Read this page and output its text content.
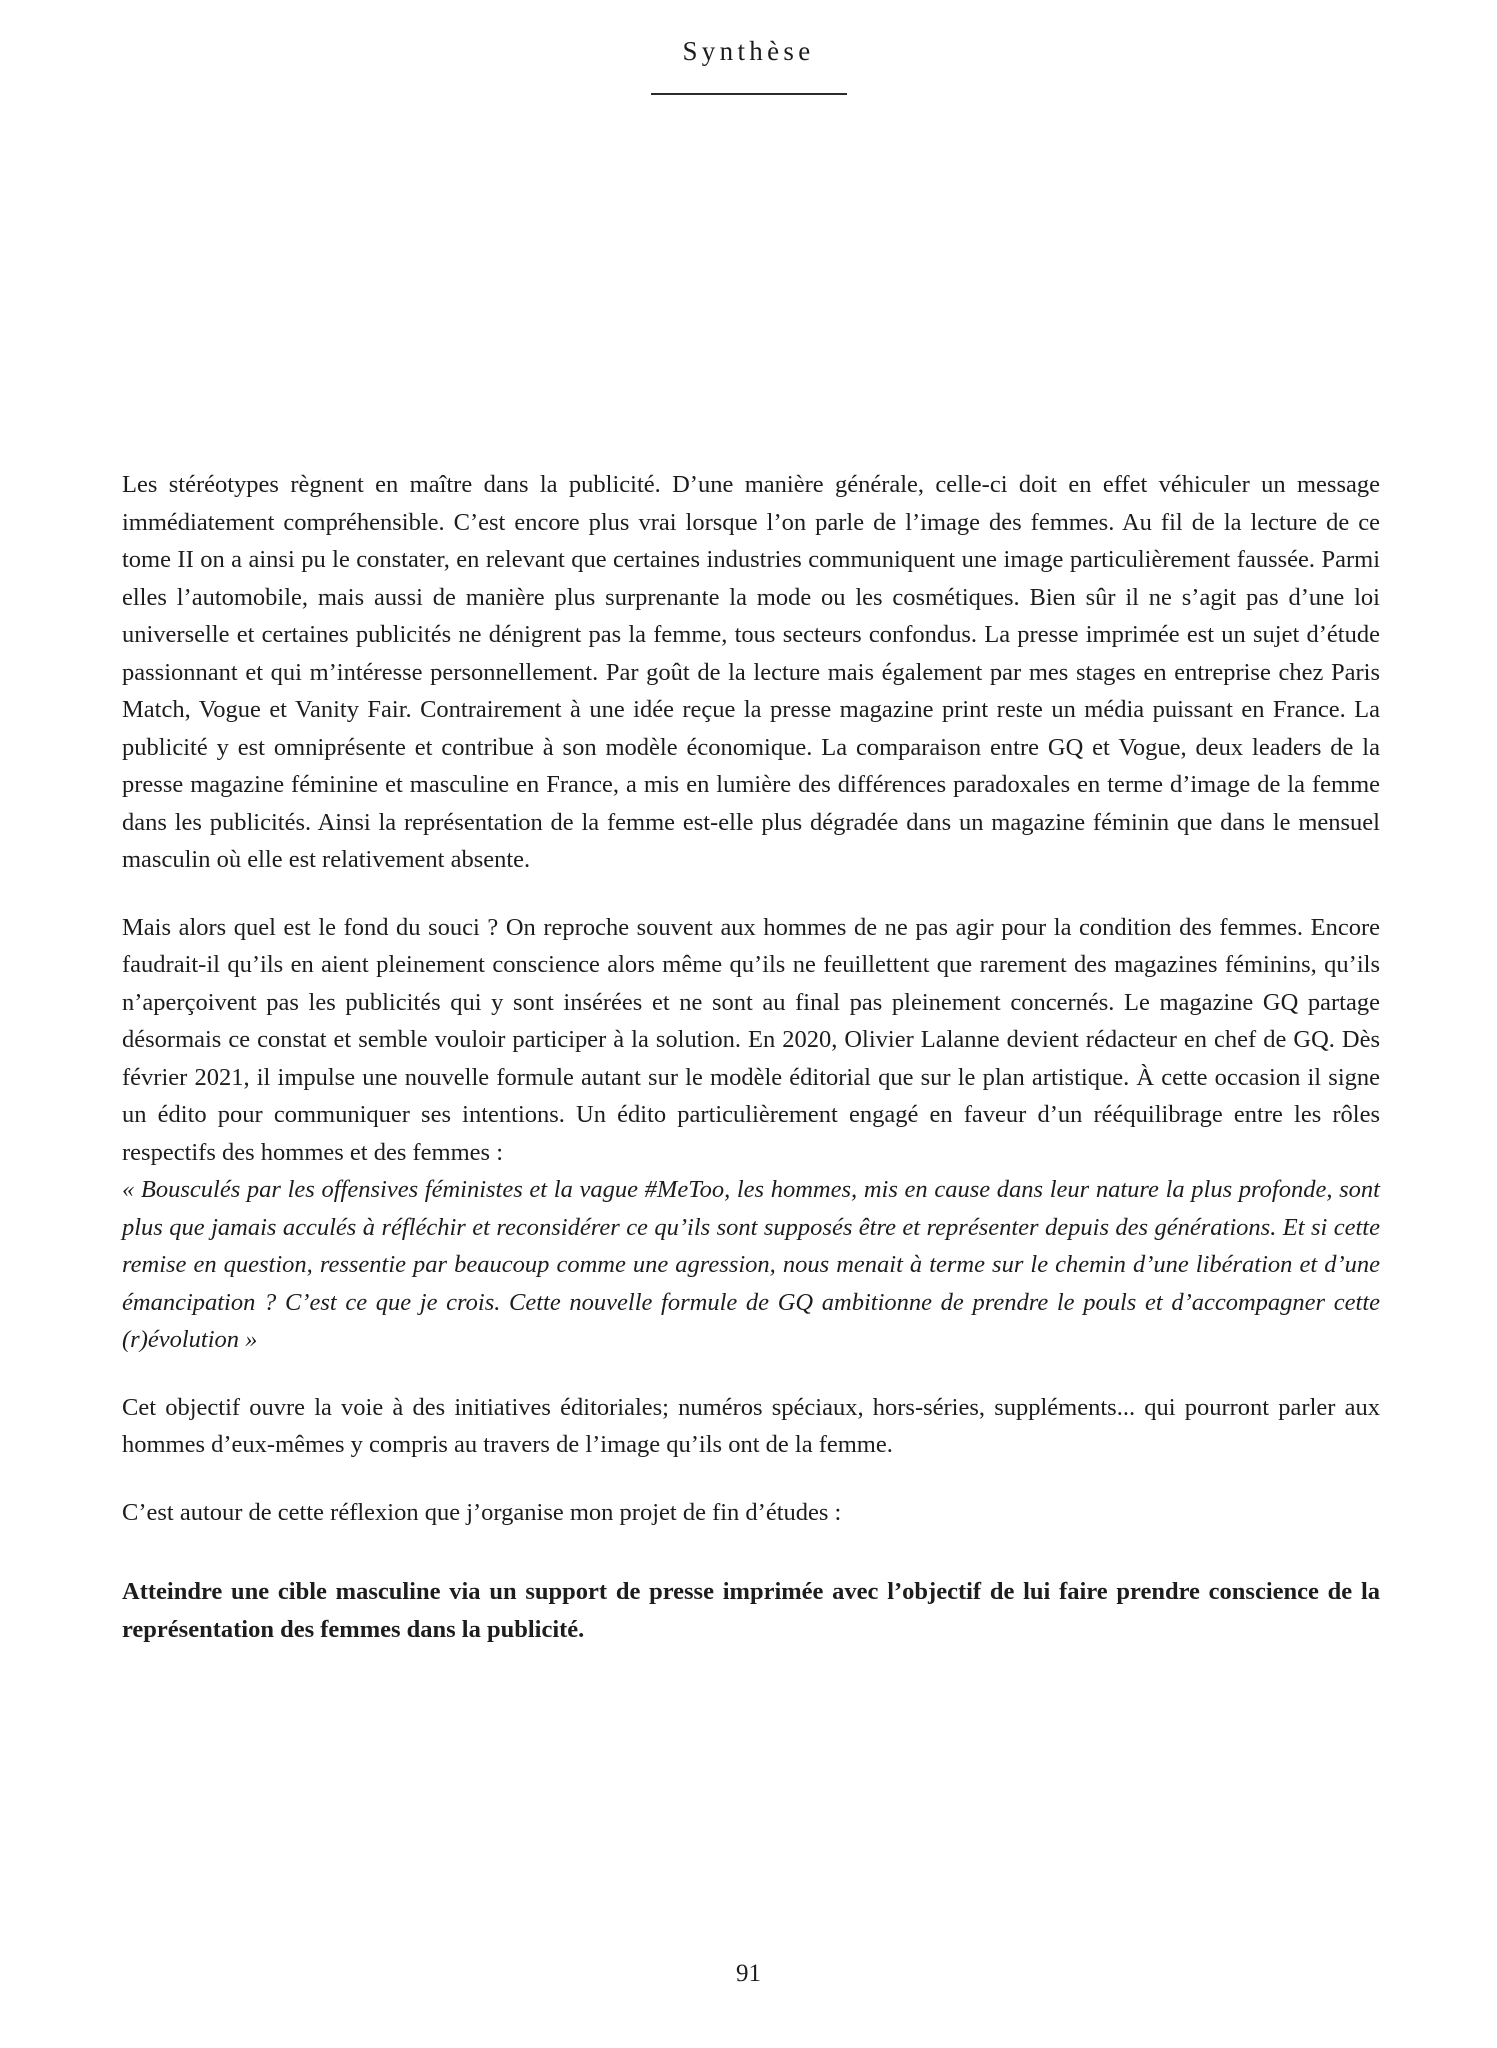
Synthèse

Les stéréotypes règnent en maître dans la publicité. D’une manière générale, celle-ci doit en effet véhiculer un message immédiatement compréhensible. C’est encore plus vrai lorsque l’on parle de l’image des femmes. Au fil de la lecture de ce tome II on a ainsi pu le constater, en relevant que certaines industries communiquent une image particulièrement faussée. Parmi elles l’automobile, mais aussi de manière plus surprenante la mode ou les cosmétiques. Bien sûr il ne s’agit pas d’une loi universelle et certaines publicités ne dénigrent pas la femme, tous secteurs confondus. La presse imprimée est un sujet d’étude passionnant et qui m’intéresse personnellement. Par goût de la lecture mais également par mes stages en entreprise chez Paris Match, Vogue et Vanity Fair. Contrairement à une idée reçue la presse magazine print reste un média puissant en France. La publicité y est omniprésente et contribue à son modèle économique. La comparaison entre GQ et Vogue, deux leaders de la presse magazine féminine et masculine en France, a mis en lumière des différences paradoxales en terme d’image de la femme dans les publicités. Ainsi la représentation de la femme est-elle plus dégradée dans un magazine féminin que dans le mensuel masculin où elle est relativement absente.

Mais alors quel est le fond du souci ? On reproche souvent aux hommes de ne pas agir pour la condition des femmes. Encore faudrait-il qu’ils en aient pleinement conscience alors même qu’ils ne feuillettent que rarement des magazines féminins, qu’ils n’aperçoivent pas les publicités qui y sont insérées et ne sont au final pas pleinement concernés. Le magazine GQ partage désormais ce constat et semble vouloir participer à la solution. En 2020, Olivier Lalanne devient rédacteur en chef de GQ. Dès février 2021, il impulse une nouvelle formule autant sur le modèle éditorial que sur le plan artistique. À cette occasion il signe un édito pour communiquer ses intentions. Un édito particulièrement engagé en faveur d’un rééquilibrage entre les rôles respectifs des hommes et des femmes :

« Bousculés par les offensives féministes et la vague #MeToo, les hommes, mis en cause dans leur nature la plus profonde, sont plus que jamais acculés à réfléchir et reconsidérer ce qu’ils sont supposés être et représenter depuis des générations. Et si cette remise en question, ressentie par beaucoup comme une agression, nous menait à terme sur le chemin d’une libération et d’une émancipation ? C’est ce que je crois. Cette nouvelle formule de GQ ambitionne de prendre le pouls et d’accompagner cette (r)évolution »

Cet objectif ouvre la voie à des initiatives éditoriales; numéros spéciaux, hors-séries, suppléments... qui pourront parler aux hommes d’eux-mêmes y compris au travers de l’image qu’ils ont de la femme.

C’est autour de cette réflexion que j’organise mon projet de fin d’études :

Atteindre une cible masculine via un support de presse imprimée avec l’objectif de lui faire prendre conscience de la représentation des femmes dans la publicité.

91
